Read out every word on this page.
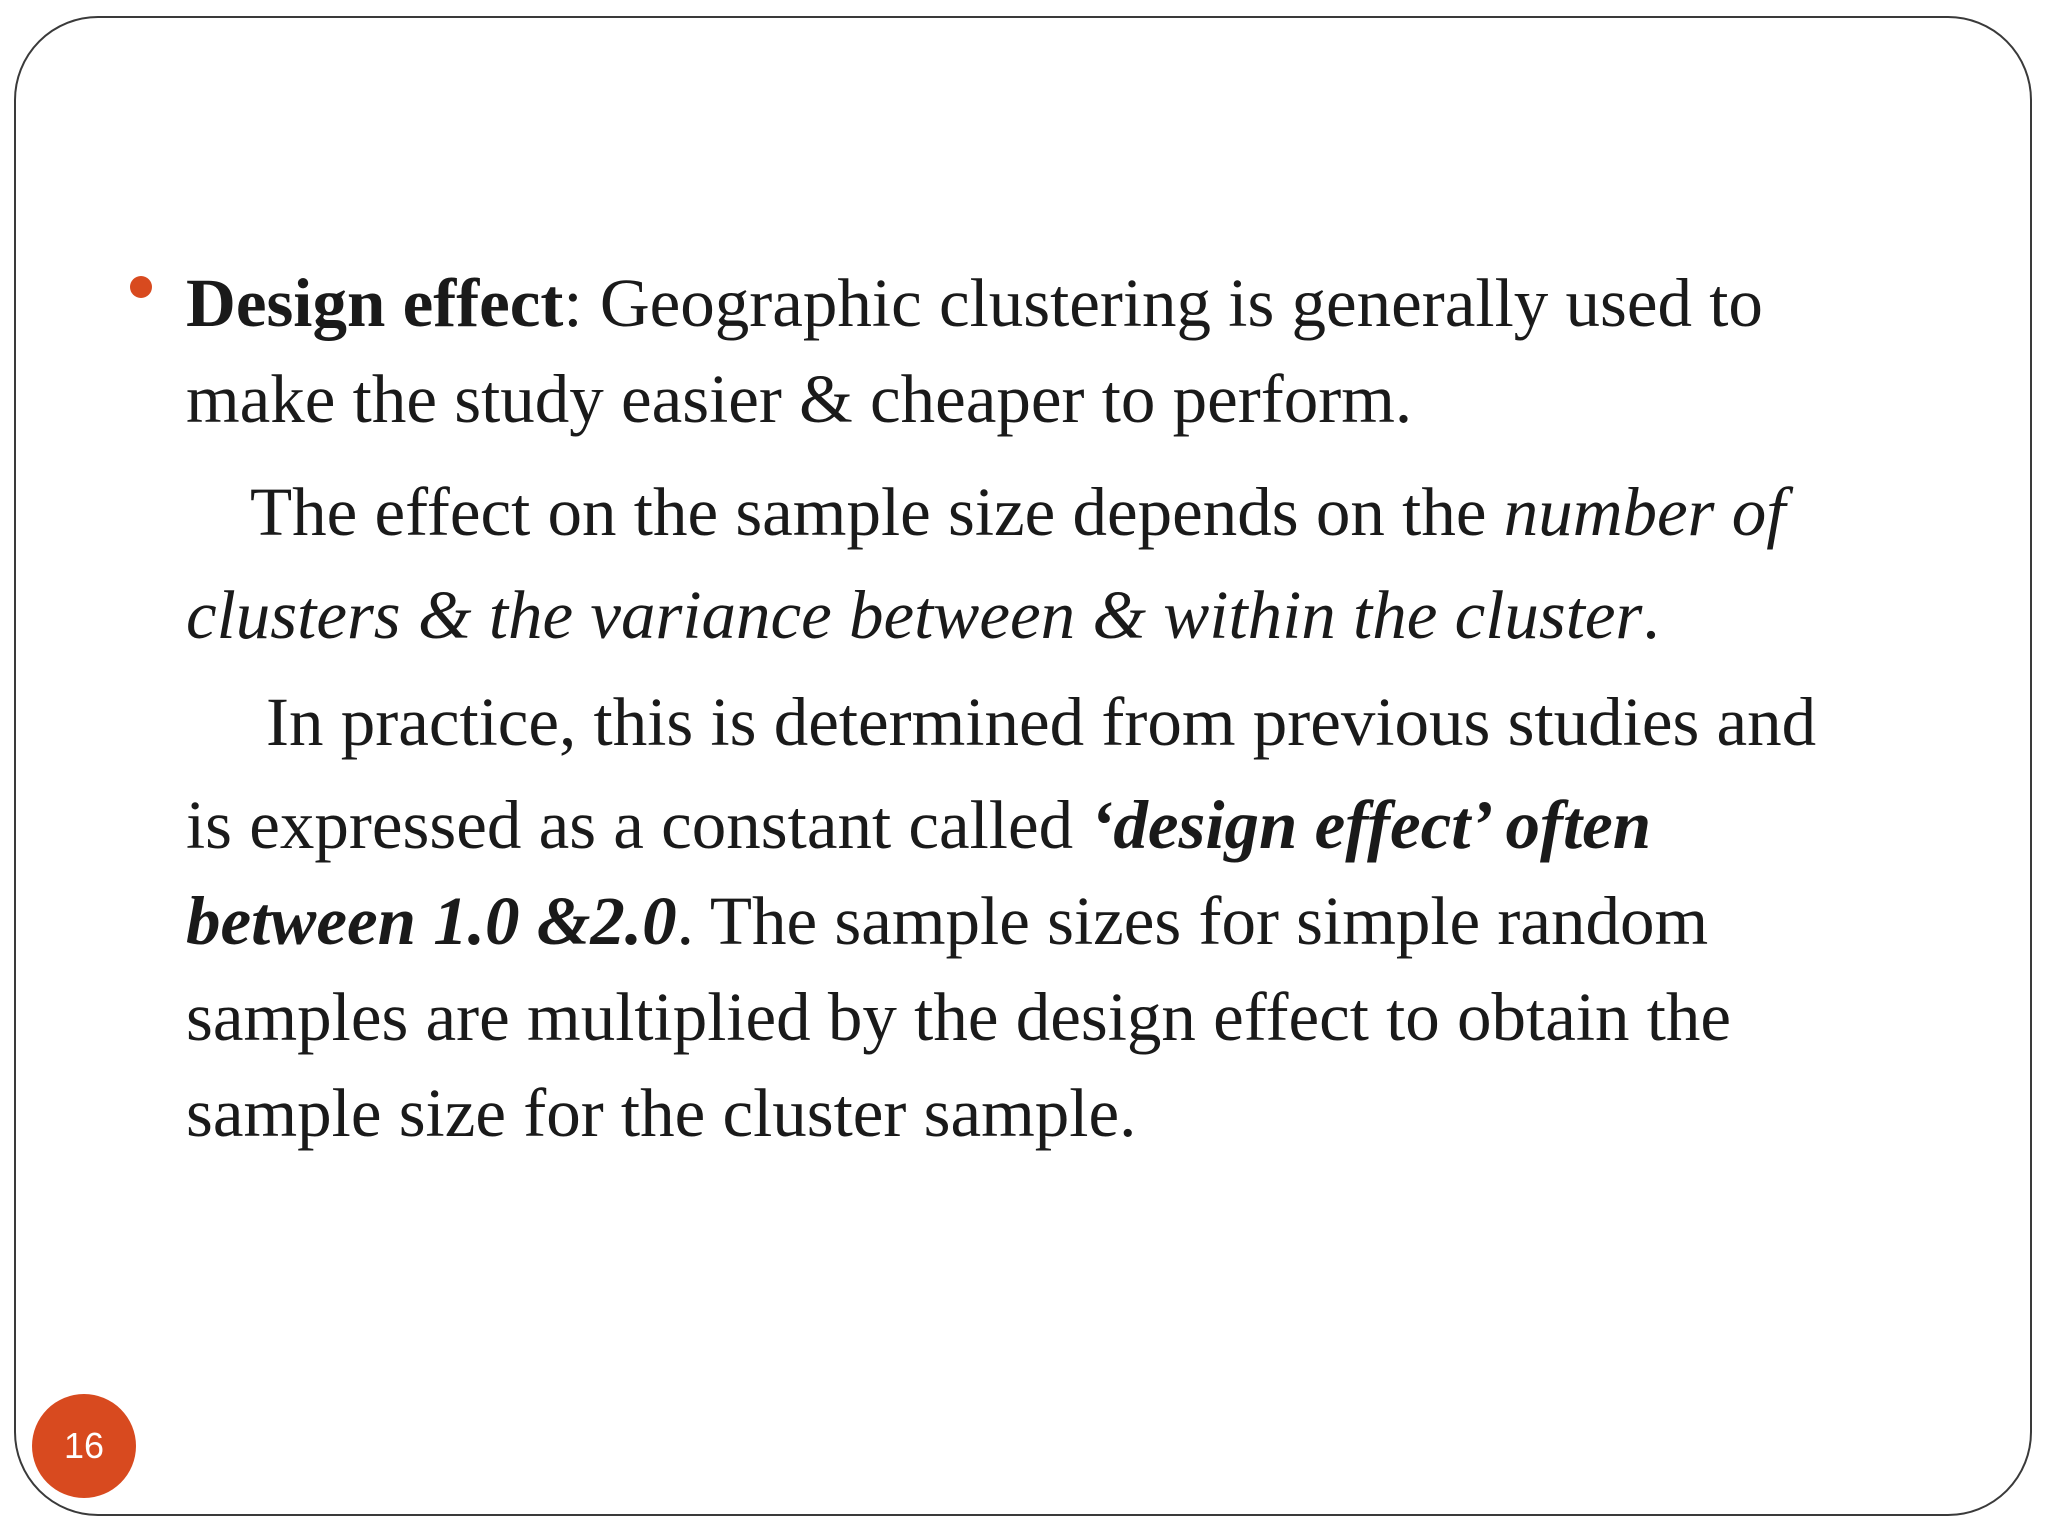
Design effect: Geographic clustering is generally used to
make the study easier & cheaper to perform.
The effect on the sample size depends on the number of
clusters & the variance between & within the cluster.
In practice, this is determined from previous studies and
is expressed as a constant called ‘design effect’ often
between 1.0 &2.0. The sample sizes for simple random
samples are multiplied by the design effect to obtain the
sample size for the cluster sample.
16
